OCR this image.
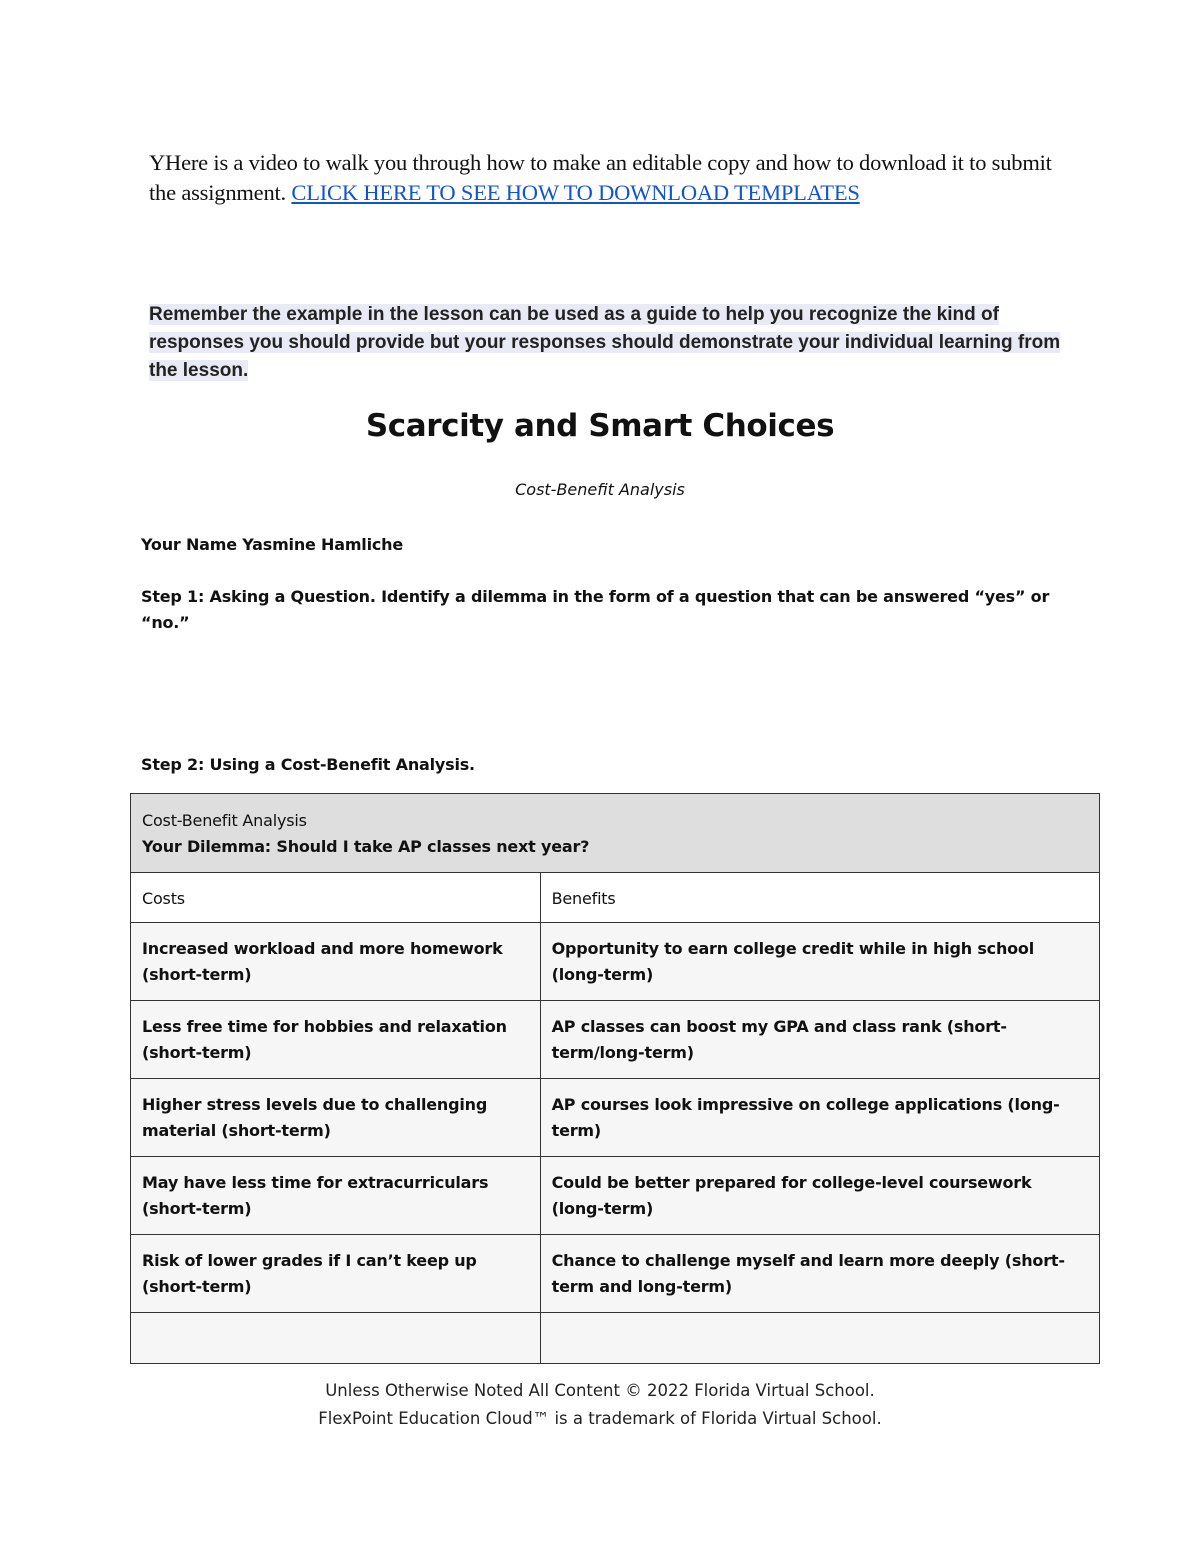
YHere is a video to walk you through how to make an editable copy and how to download it to submit the assignment. CLICK HERE TO SEE HOW TO DOWNLOAD TEMPLATES
Remember the example in the lesson can be used as a guide to help you recognize the kind of responses you should provide but your responses should demonstrate your individual learning from the lesson.
Scarcity and Smart Choices
Cost-Benefit Analysis
Your Name Yasmine Hamliche
Step 1: Asking a Question. Identify a dilemma in the form of a question that can be answered “yes” or “no.”
Step 2: Using a Cost-Benefit Analysis.
Cost-Benefit Analysis
Your Dilemma: Should I take AP classes next year?	

Costs	Benefits
Increased workload and more homework (short-term)	Opportunity to earn college credit while in high school (long-term)
Less free time for hobbies and relaxation (short-term)	AP classes can boost my GPA and class rank (short-term/long-term)
Higher stress levels due to challenging material (short-term)	AP courses look impressive on college applications (long-term)
May have less time for extracurriculars (short-term)	Could be better prepared for college-level coursework (long-term)
Risk of lower grades if I can’t keep up (short-term)	Chance to challenge myself and learn more deeply (short-term and long-term)

Unless Otherwise Noted All Content © 2022 Florida Virtual School.
FlexPoint Education Cloud™ is a trademark of Florida Virtual School.
